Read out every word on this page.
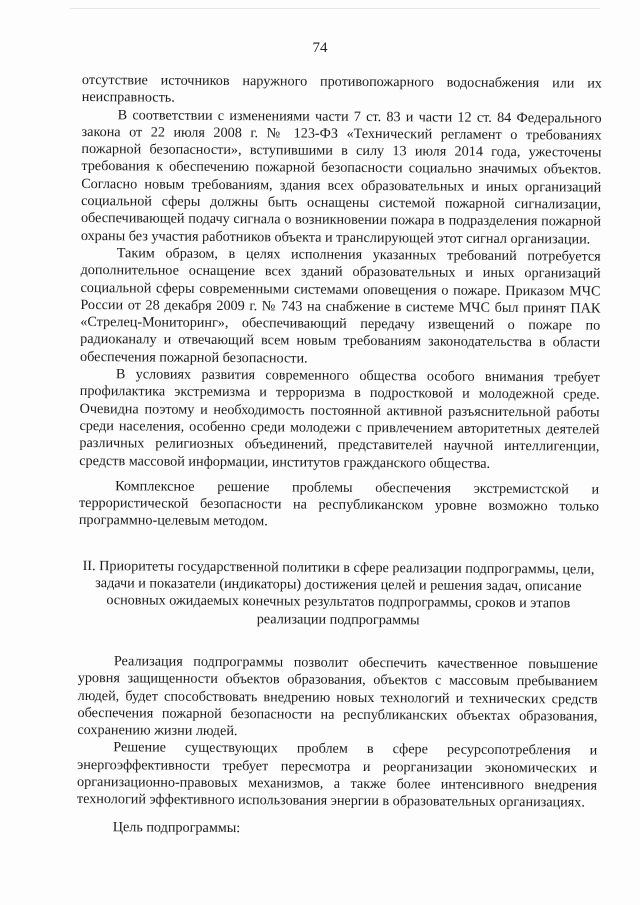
74

отсутствие источников наружного противопожарного водоснабжения или их неисправность.

В соответствии с изменениями части 7 ст. 83 и части 12 ст. 84 Федерального закона от 22 июля 2008 г. № 123-ФЗ «Технический регламент о требованиях пожарной безопасности», вступившими в силу 13 июля 2014 года, ужесточены требования к обеспечению пожарной безопасности социально значимых объектов. Согласно новым требованиям, здания всех образовательных и иных организаций социальной сферы должны быть оснащены системой пожарной сигнализации, обеспечивающей подачу сигнала о возникновении пожара в подразделения пожарной охраны без участия работников объекта и транслирующей этот сигнал организации.

Таким образом, в целях исполнения указанных требований потребуется дополнительное оснащение всех зданий образовательных и иных организаций социальной сферы современными системами оповещения о пожаре. Приказом МЧС России от 28 декабря 2009 г. № 743 на снабжение в системе МЧС был принят ПАК «Стрелец-Мониторинг», обеспечивающий передачу извещений о пожаре по радиоканалу и отвечающий всем новым требованиям законодательства в области обеспечения пожарной безопасности.

В условиях развития современного общества особого внимания требует профилактика экстремизма и терроризма в подростковой и молодежной среде. Очевидна поэтому и необходимость постоянной активной разъяснительной работы среди населения, особенно среди молодежи с привлечением авторитетных деятелей различных религиозных объединений, представителей научной интеллигенции, средств массовой информации, институтов гражданского общества.

Комплексное решение проблемы обеспечения экстремистской и террористической безопасности на республиканском уровне возможно только программно-целевым методом.

II. Приоритеты государственной политики в сфере реализации подпрограммы, цели, задачи и показатели (индикаторы) достижения целей и решения задач, описание основных ожидаемых конечных результатов подпрограммы, сроков и этапов реализации подпрограммы

Реализация подпрограммы позволит обеспечить качественное повышение уровня защищенности объектов образования, объектов с массовым пребыванием людей, будет способствовать внедрению новых технологий и технических средств обеспечения пожарной безопасности на республиканских объектах образования, сохранению жизни людей.

Решение существующих проблем в сфере ресурсопотребления и энергоэффективности требует пересмотра и реорганизации экономических и организационно-правовых механизмов, а также более интенсивного внедрения технологий эффективного использования энергии в образовательных организациях.

Цель подпрограммы:
